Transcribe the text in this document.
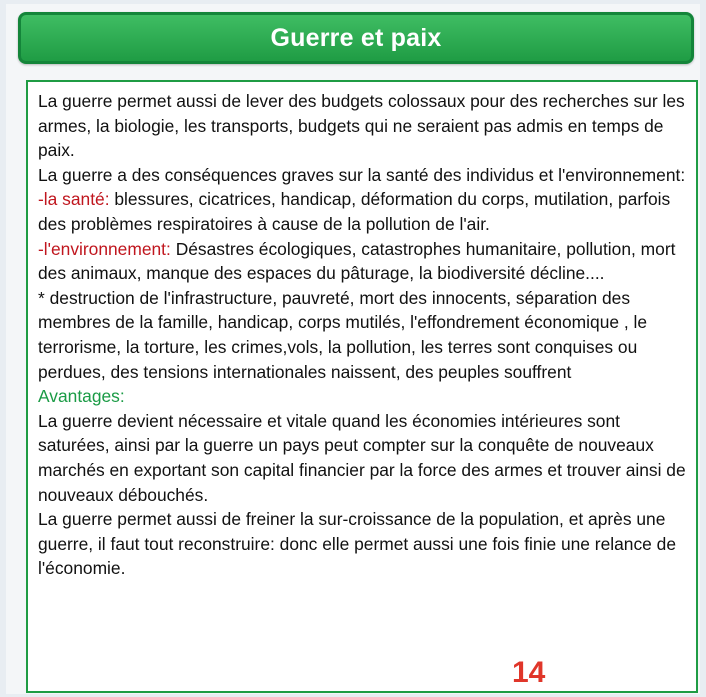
Guerre et paix

La guerre permet aussi de lever des budgets colossaux pour des recherches sur les armes, la biologie, les transports, budgets qui ne seraient pas admis en temps de paix.

La guerre a des conséquences graves sur la santé des individus et l'environnement:

-la santé: blessures, cicatrices, handicap, déformation du corps, mutilation, parfois des problèmes respiratoires à cause de la pollution de l'air.

-l'environnement: Désastres écologiques, catastrophes humanitaire, pollution, mort des animaux, manque des espaces du pâturage, la biodiversité décline....

* destruction de l'infrastructure, pauvreté, mort des innocents, séparation des membres de la famille, handicap, corps mutilés, l'effondrement économique , le terrorisme, la torture, les crimes,vols, la pollution, les terres sont conquises ou perdues, des tensions internationales naissent, des peuples souffrent

Avantages:

La guerre devient nécessaire et vitale quand les économies intérieures sont saturées, ainsi par la guerre un pays peut compter sur la conquête de nouveaux marchés en exportant son capital financier par la force des armes et trouver ainsi de nouveaux débouchés.

La guerre permet aussi de freiner la sur-croissance de la population, et après une guerre, il faut tout reconstruire: donc elle permet aussi une fois finie une relance de l'économie.

14
